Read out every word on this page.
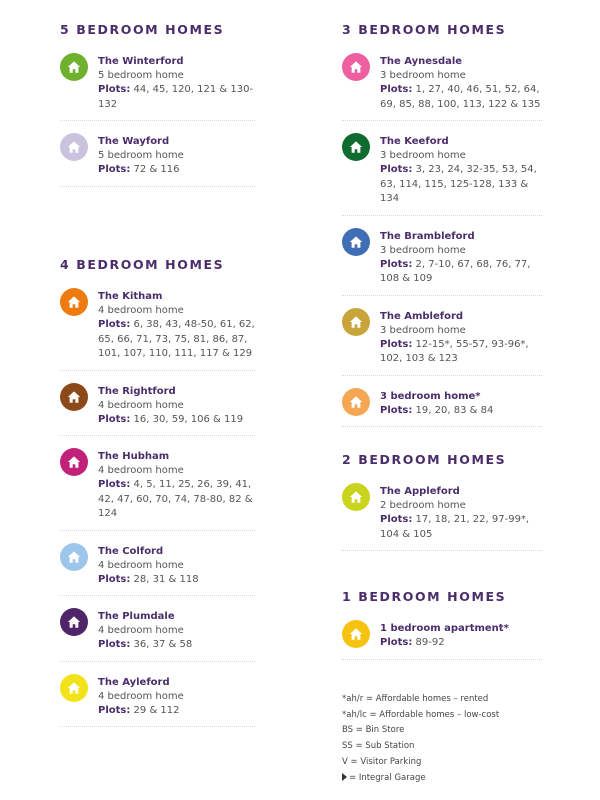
5 BEDROOM HOMES
The Winterford
5 bedroom home
Plots: 44, 45, 120, 121 & 130-132
The Wayford
5 bedroom home
Plots: 72 & 116
4 BEDROOM HOMES
The Kitham
4 bedroom home
Plots: 6, 38, 43, 48-50, 61, 62, 65, 66, 71, 73, 75, 81, 86, 87, 101, 107, 110, 111, 117 & 129
The Rightford
4 bedroom home
Plots: 16, 30, 59, 106 & 119
The Hubham
4 bedroom home
Plots: 4, 5, 11, 25, 26, 39, 41, 42, 47, 60, 70, 74, 78-80, 82 & 124
The Colford
4 bedroom home
Plots: 28, 31 & 118
The Plumdale
4 bedroom home
Plots: 36, 37 & 58
The Ayleford
4 bedroom home
Plots: 29 & 112
3 BEDROOM HOMES
The Aynesdale
3 bedroom home
Plots: 1, 27, 40, 46, 51, 52, 64, 69, 85, 88, 100, 113, 122 & 135
The Keeford
3 bedroom home
Plots: 3, 23, 24, 32-35, 53, 54, 63, 114, 115, 125-128, 133 & 134
The Brambleford
3 bedroom home
Plots: 2, 7-10, 67, 68, 76, 77, 108 & 109
The Ambleford
3 bedroom home
Plots: 12-15*, 55-57, 93-96*, 102, 103 & 123
3 bedroom home*
Plots: 19, 20, 83 & 84
2 BEDROOM HOMES
The Appleford
2 bedroom home
Plots: 17, 18, 21, 22, 97-99*, 104 & 105
1 BEDROOM HOMES
1 bedroom apartment*
Plots: 89-92
*ah/r = Affordable homes – rented
*ah/lc = Affordable homes – low-cost
BS = Bin Store
SS = Sub Station
V = Visitor Parking
= Integral Garage
